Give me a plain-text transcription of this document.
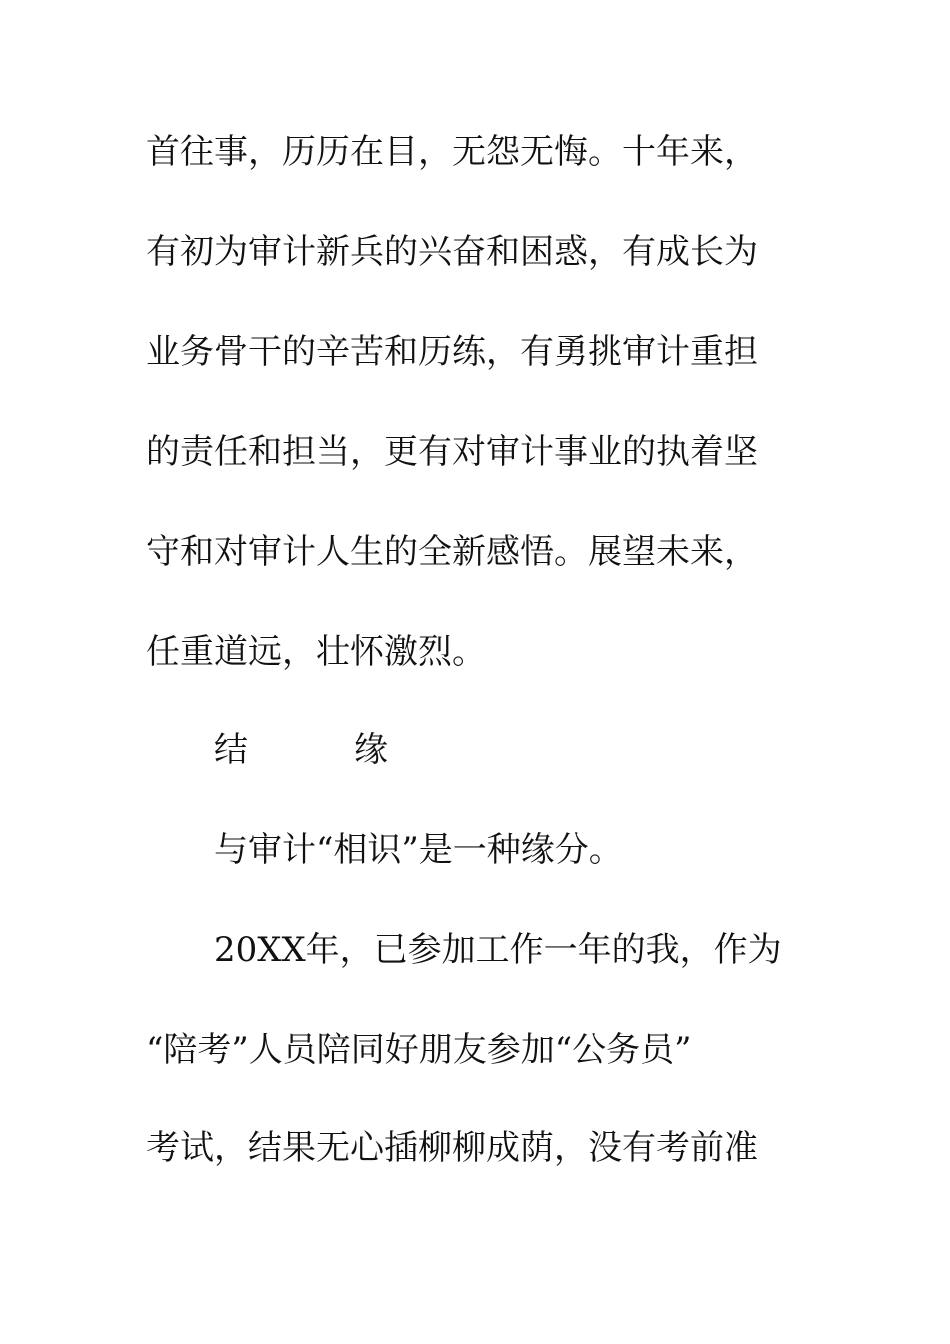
首往事，历历在目，无怨无悔。十年来，
有初为审计新兵的兴奋和困惑，有成长为
业务骨干的辛苦和历练，有勇挑审计重担
的责任和担当，更有对审计事业的执着坚
守和对审计人生的全新感悟。展望未来，
任重道远，壮怀激烈。
结	缘
与审计“相识”是一种缘分。
20XX年，已参加工作一年的我，作为
“陪考”人员陪同好朋友参加“公务员”
考试，结果无心插柳柳成荫，没有考前准
